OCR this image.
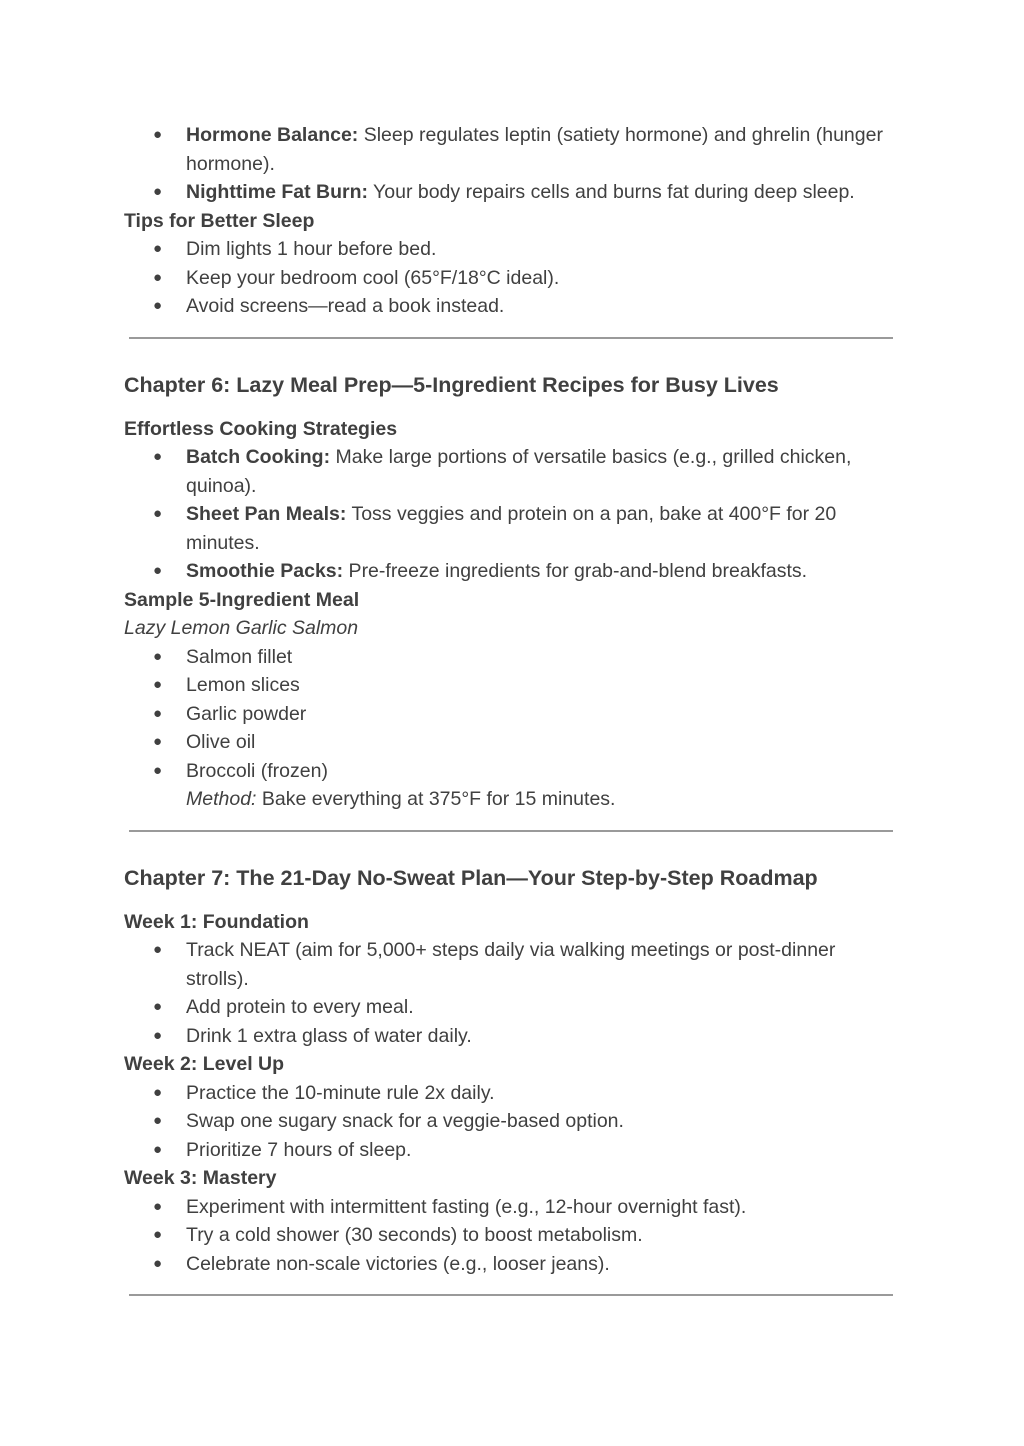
● Hormone Balance: Sleep regulates leptin (satiety hormone) and ghrelin (hunger hormone).
● Nighttime Fat Burn: Your body repairs cells and burns fat during deep sleep.
Tips for Better Sleep
● Dim lights 1 hour before bed.
● Keep your bedroom cool (65°F/18°C ideal).
● Avoid screens—read a book instead.
Chapter 6: Lazy Meal Prep—5-Ingredient Recipes for Busy Lives
Effortless Cooking Strategies
● Batch Cooking: Make large portions of versatile basics (e.g., grilled chicken, quinoa).
● Sheet Pan Meals: Toss veggies and protein on a pan, bake at 400°F for 20 minutes.
● Smoothie Packs: Pre-freeze ingredients for grab-and-blend breakfasts.
Sample 5-Ingredient Meal
Lazy Lemon Garlic Salmon
● Salmon fillet
● Lemon slices
● Garlic powder
● Olive oil
● Broccoli (frozen)
Method: Bake everything at 375°F for 15 minutes.
Chapter 7: The 21-Day No-Sweat Plan—Your Step-by-Step Roadmap
Week 1: Foundation
● Track NEAT (aim for 5,000+ steps daily via walking meetings or post-dinner strolls).
● Add protein to every meal.
● Drink 1 extra glass of water daily.
Week 2: Level Up
● Practice the 10-minute rule 2x daily.
● Swap one sugary snack for a veggie-based option.
● Prioritize 7 hours of sleep.
Week 3: Mastery
● Experiment with intermittent fasting (e.g., 12-hour overnight fast).
● Try a cold shower (30 seconds) to boost metabolism.
● Celebrate non-scale victories (e.g., looser jeans).
